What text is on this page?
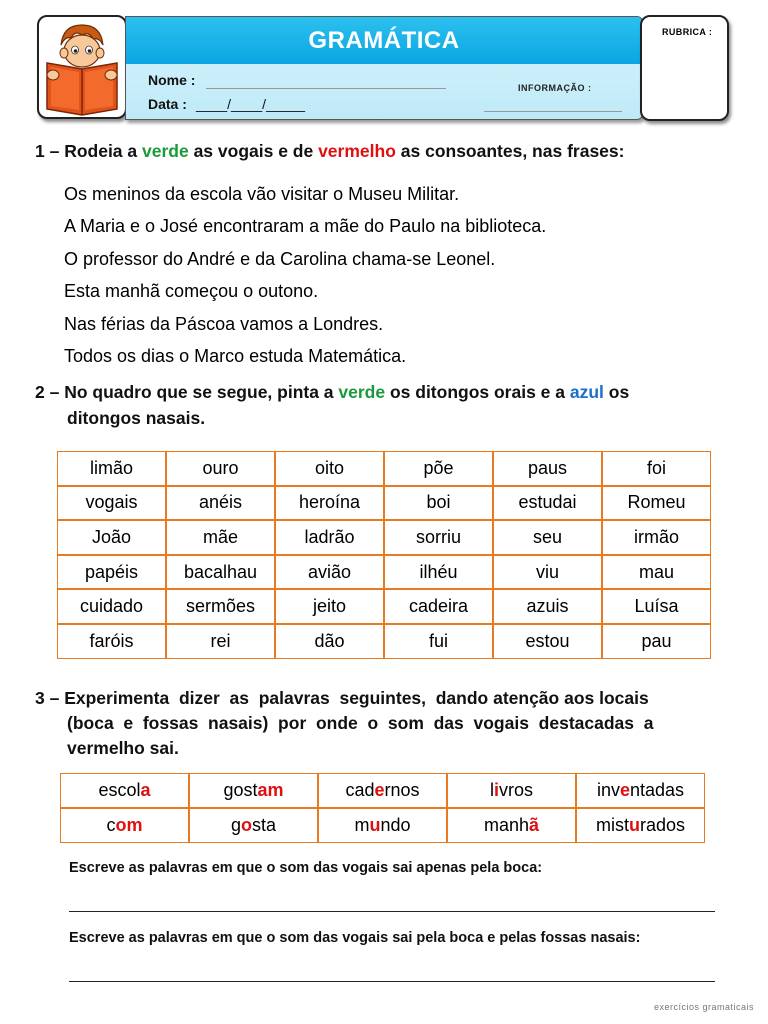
GRAMÁTICA
Nome :
Data : ____/____/_____
INFORMAÇÃO :
RUBRICA :
1 – Rodeia a verde as vogais e de vermelho as consoantes, nas frases:
Os meninos da escola vão visitar o Museu Militar.
A Maria e o José encontraram a mãe do Paulo na biblioteca.
O professor do André e da Carolina chama-se Leonel.
Esta manhã começou o outono.
Nas férias da Páscoa vamos a Londres.
Todos os dias o Marco estuda Matemática.
2 – No quadro que se segue, pinta a verde os ditongos orais e a azul os
ditongos nasais.
limão	ouro	oito	põe	paus	foi
vogais	anéis	heroína	boi	estudai	Romeu
João	mãe	ladrão	sorriu	seu	irmão
papéis	bacalhau	avião	ilhéu	viu	mau
cuidado	sermões	jeito	cadeira	azuis	Luísa
faróis	rei	dão	fui	estou	pau
3 – Experimenta  dizer  as  palavras  seguintes,  dando atenção aos locais
(boca  e  fossas  nasais)  por  onde  o  som  das  vogais  destacadas  a
vermelho sai.
escola	gostam	cadernos	livros	inventadas
com	gosta	mundo	manhã	misturados
Escreve as palavras em que o som das vogais sai apenas pela boca:
Escreve as palavras em que o som das vogais sai pela boca e pelas fossas nasais:
exercícios gramaticais
